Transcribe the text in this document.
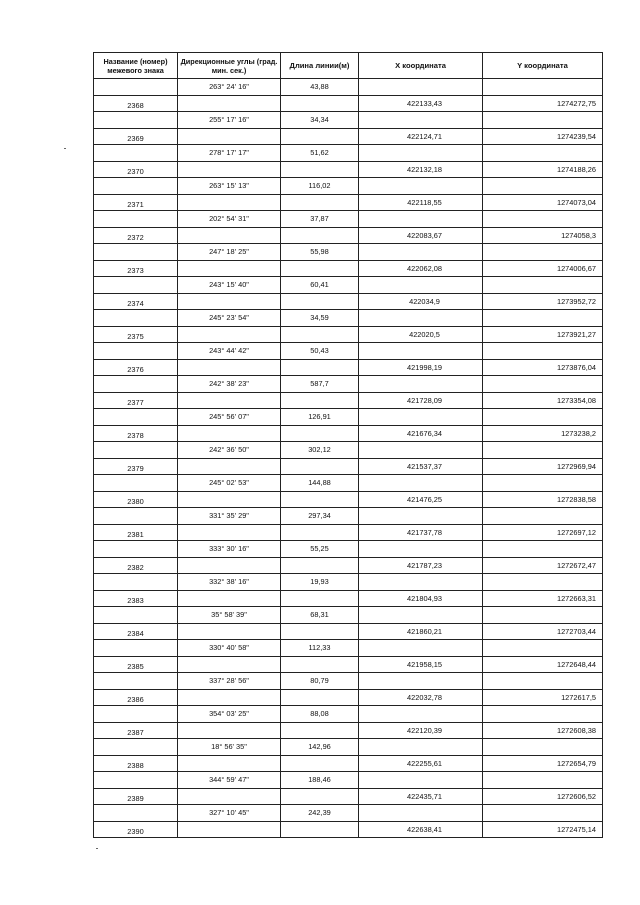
Название (номер) межевого знака	Дирекционные углы (град. мин. сек.)	Длина линии(м)	X координата	Y координата
	263° 24' 16"	43,88		
2368			422133,43	1274272,75
	255° 17' 16"	34,34		
2369			422124,71	1274239,54
	278° 17' 17"	51,62		
2370			422132,18	1274188,26
	263° 15' 13"	116,02		
2371			422118,55	1274073,04
	202° 54' 31"	37,87		
2372			422083,67	1274058,3
	247° 18' 25"	55,98		
2373			422062,08	1274006,67
	243° 15' 40"	60,41		
2374			422034,9	1273952,72
	245° 23' 54"	34,59		
2375			422020,5	1273921,27
	243° 44' 42"	50,43		
2376			421998,19	1273876,04
	242° 38' 23"	587,7		
2377			421728,09	1273354,08
	245° 56' 07"	126,91		
2378			421676,34	1273238,2
	242° 36' 50"	302,12		
2379			421537,37	1272969,94
	245° 02' 53"	144,88		
2380			421476,25	1272838,58
	331° 35' 29"	297,34		
2381			421737,78	1272697,12
	333° 30' 16"	55,25		
2382			421787,23	1272672,47
	332° 38' 16"	19,93		
2383			421804,93	1272663,31
	35° 58' 39"	68,31		
2384			421860,21	1272703,44
	330° 40' 58"	112,33		
2385			421958,15	1272648,44
	337° 28' 56"	80,79		
2386			422032,78	1272617,5
	354° 03' 25"	88,08		
2387			422120,39	1272608,38
	18° 56' 35"	142,96		
2388			422255,61	1272654,79
	344° 59' 47"	188,46		
2389			422435,71	1272606,52
	327° 10' 45"	242,39		
2390			422638,41	1272475,14
